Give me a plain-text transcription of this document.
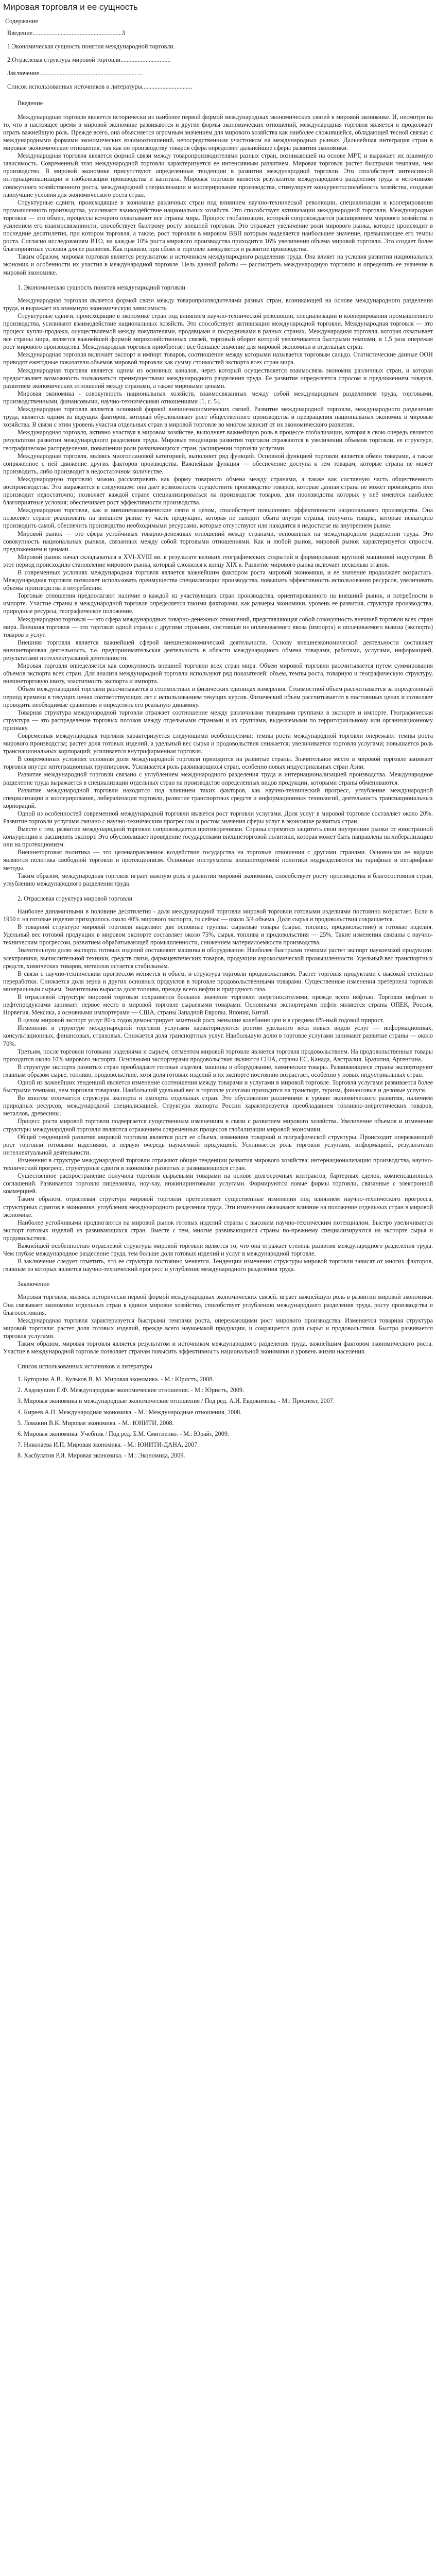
Мировая торговля и ее сущность
Содержание
Введение.........................................................3
1.Экономическая сущность понятия международной торговли.
2.Отраслевая структура мировой торговли................................
Заключение..................................................................
Список использованных источников и литературы................................
Введение

Международная торговля является исторически из наиболее первой формой международных экономических связей в мировой экономике. И, несмотря на то, что в настоящее время в мировой экономике развиваются и другие формы экономических отношений, международная торговля является и продолжает играть важнейшую роль. Прежде всего, она объясняется огромным значением для мирового хозяйства как наиболее сложившейся, обладающей тесной связью с международными формами экономических взаимоотношений, непосредственным участником на международных рынках. Дальнейшая интеграция стран в мировые экономические отношения, так как по производству товаров сфера определяет дальнейшие сферы развития экономики.

Международная торговля является формой связи между товаропроизводителями разных стран, возникающей на основе МРТ, и выражает их взаимную зависимость. Современный этап международной торговли характеризуется ее интенсивным развитием. Мировая торговля растет быстрыми темпами, чем производство. В мировой экономике присутствуют определенные тенденции в развитии международной торговли. Это способствует интенсивной интернационализации и глобализации производства и капитала. Мировая торговля является результатом международного разделения труда и источником совокупного хозяйственного роста, международной специализации и кооперирования производства, стимулирует конкурентоспособность хозяйства, создавая наилучшие условия для экономического роста стран.

Структурные сдвиги, происходящие в экономике различных стран под влиянием научно-технической революции, специализации и кооперирования промышленного производства, усиливают взаимодействие национальных хозяйств. Это способствует активизации международной торговли. Международная торговля — это обмен, процессы которого охватывают все страны мира. Процесс глобализации, который сопровождается расширением мирового хозяйства и усилением его взаимосвязанности, способствует быстрому росту внешней торговли. Это отражает увеличение роли мирового рынка, которое происходит в последние десятилетия, при котором торговля, а также, рост торговли в мировом ВВП которым выделяется наибольшее значение, превышающее его темпы роста. Согласно исследованиям ВТО, на каждые 10% роста мирового производства приходится 16% увеличения объема мировой торговли. Это создает более благоприятные условия для ее развития. Как правило, при сбоях в торговле замедляется и развитие производства.

Таким образом, мировая торговля является результатом и источником международного разделения труда. Она влияет на условия развития национальных экономик и особенности их участия в международной торговле. Цель данной работы — рассмотреть международную торговлю и определить ее значение в мировой экономике.

1. Экономическая сущность понятия международной торговли

Международная торговля является формой связи между товаропроизводителями разных стран, возникающей на основе международного разделения труда, и выражает их взаимную экономическую зависимость.

Структурные сдвиги, происходящие в экономике стран под влиянием научно-технической революции, специализации и кооперирования промышленного производства, усиливают взаимодействие национальных хозяйств. Это способствует активизации международной торговли. Международная торговля — это процесс купли-продажи, осуществляемой между покупателями, продавцами и посредниками в разных странах. Международная торговля, которая охватывает все страны мира, является важнейшей формой мирохозяйственных связей, торговый оборот которой увеличивается быстрыми темпами, в 1,5 раза опережая рост мирового производства. Международная торговля приобретает все большее значение для мировой экономики и отдельных стран.

Международная торговля включает экспорт и импорт товаров, соотношение между которыми называется торговым сальдо. Статистические данные ООН приводят ежегодные показатели объемов мировой торговли как сумму стоимостей экспорта всех стран мира.

Международная торговля является одним из основных каналов, через который осуществляется взаимосвязь экономик различных стран, и которая предоставляет возможность пользоваться преимуществами международного разделения труда. Ее развитие определяется спросом и предложением товаров, развитием экономических отношений между странами, а также мировыми ценами.

Мировая экономика - совокупность национальных хозяйств, взаимосвязанных между собой международным разделением труда, торговыми, производственными, финансовыми, научно-техническими отношениями [1, с. 5].

Международная торговля является основной формой внешнеэкономических связей. Развитие международной торговли, международного разделения труда, является одним из ведущих факторов, который обусловливает рост общественного производства и превращения национальных экономик в мировые хозяйства. В связи с этим уровень участия отдельных стран в мировой торговле во многом зависит от их экономического развития.

Международная торговля, активно участвуя в мировом хозяйстве, выполняет важнейшую роль в процессе глобализации, которая в свою очередь является результатом развития международного разделения труда. Мировые тенденции развития торговли отражаются в увеличении объемов торговли, ее структуре, географическом распределении, повышении роли развивающихся стран, расширении торговли услугами.

Международная торговля, являясь многоплановой категорией, выполняет ряд функций. Основной функцией торговли является обмен товарами, а также сопряженное с ней движение других факторов производства. Важнейшая функция — обеспечение доступа к тем товарам, которые страна не может производить, либо производит в недостаточном количестве.

Международную торговлю можно рассматривать как форму товарного обмена между странами, а также как составную часть общественного воспроизводства. Это выражается в следующем: она дает возможность осуществить производство товаров, которые данная страна не может производить или производит недостаточно; позволяет каждой стране специализироваться на производстве товаров, для производства которых у неё имеются наиболее благоприятные условия; обеспечивает рост эффективности производства.

Международная торговля, как и внешнеэкономические связи в целом, способствует повышению эффективности национального производства. Она позволяет стране реализовать на внешнем рынке ту часть продукции, которая не находит сбыта внутри страны, получить товары, которые невыгодно производить самой, обеспечить производство необходимыми ресурсами, которые отсутствуют или находятся в недостатке на внутреннем рынке.

Мировой рынок — это сфера устойчивых товарно-денежных отношений между странами, основанных на международном разделении труда. Это совокупность национальных рынков, связанных между собой торговыми отношениями. Как и любой рынок, мировой рынок характеризуется спросом, предложением и ценами.

Мировой рынок начал складываться в XVI-XVIII вв. в результате великих географических открытий и формирования крупной машинной индустрии. В этот период происходило становление мирового рынка, который сложился к концу XIX в. Развитие мирового рынка включает несколько этапов.

В современных условиях международная торговля является важнейшим фактором роста мировой экономики, и ее значение продолжает возрастать. Международная торговля позволяет использовать преимущества специализации производства, повышать эффективность использования ресурсов, увеличивать объемы производства и потребления.

Торговые отношения предполагают наличие в каждой из участвующих стран производства, ориентированного на внешний рынок, и потребности в импорте. Участие страны в международной торговле определяется такими факторами, как размеры экономики, уровень ее развития, структура производства, природные ресурсы, географическое положение.

Международная торговля — это сфера международных товарно-денежных отношений, представляющая собой совокупность внешней торговли всех стран мира. Внешняя торговля — это торговля одной страны с другими странами, состоящая из оплачиваемого ввоза (импорта) и оплачиваемого вывоза (экспорта) товаров и услуг.

Внешняя торговля является важнейшей сферой внешнеэкономической деятельности. Основу внешнеэкономической деятельности составляет внешнеторговая деятельность, т.е. предпринимательская деятельность в области международного обмена товарами, работами, услугами, информацией, результатами интеллектуальной деятельности.

Мировая торговля определяется как совокупность внешней торговли всех стран мира. Объем мировой торговли рассчитывается путем суммирования объемов экспорта всех стран. Для анализа международной торговли используют ряд показателей: объем, темпы роста, товарную и географическую структуру, внешнеторговую квоту, эластичность экспорта и импорта.

Объем международной торговли рассчитывается в стоимостных и физических единицах измерения. Стоимостной объем рассчитывается за определенный период времени в текущих ценах соответствующих лет с использованием текущих курсов. Физический объем рассчитывается в постоянных ценах и позволяет проводить необходимые сравнения и определять его реальную динамику.

Товарная структура международной торговли отражает соотношение между различными товарными группами в экспорте и импорте. Географическая структура — это распределение торговых потоков между отдельными странами и их группами, выделяемыми по территориальному или организационному признаку.

Современная международная торговля характеризуется следующими особенностями: темпы роста международной торговли опережают темпы роста мирового производства; растет доля готовых изделий, а удельный вес сырья и продовольствия снижается; увеличивается торговля услугами; повышается роль транснациональных корпораций; усиливается внутрифирменная торговля.

В современных условиях основная доля международной торговли приходится на развитые страны. Значительное место в мировой торговле занимает торговля внутри интеграционных группировок. Усиливается роль развивающихся стран, особенно новых индустриальных стран Азии.

Развитие международной торговли связано с углублением международного разделения труда и интернационализацией производства. Международное разделение труда выражается в специализации отдельных стран на производстве определенных видов продукции, которыми страны обмениваются.

Развитие международной торговли находится под влиянием таких факторов, как научно-технический прогресс, углубление международной специализации и кооперирования, либерализация торговли, развитие транспортных средств и информационных технологий, деятельность транснациональных корпораций.

Одной из особенностей современной международной торговли является рост торговли услугами. Доля услуг в мировой торговле составляет около 20%. Развитие торговли услугами связано с научно-техническим прогрессом и ростом значения сферы услуг в экономике развитых стран.

Вместе с тем, развитие международной торговли сопровождается противоречиями. Страны стремятся защитить свои внутренние рынки от иностранной конкуренции и расширить экспорт. Это обусловливает проведение государствами внешнеторговой политики, которая может быть направлена на либерализацию или на протекционизм.

Внешнеторговая политика — это целенаправленное воздействие государства на торговые отношения с другими странами. Основными ее видами являются политика свободной торговли и протекционизм. Основные инструменты внешнеторговой политики подразделяются на тарифные и нетарифные методы.

Таким образом, международная торговля играет важную роль в развитии мировой экономики, способствует росту производства и благосостояния стран, углублению международного разделения труда.

2. Отраслевая структура мировой торговли

Наиболее динамичными в половине десятилетия - доля международной торговли мировой торговли готовыми изделиями постоянно возрастает. Если в 1950 г. на готовые изделия приходилось около 40% мирового экспорта, то сейчас — около 3/4 объема. Доля сырья и продовольствия сокращается.

В товарной структуре мировой торговли выделяют две основные группы: сырьевые товары (сырье, топливо, продовольствие) и готовые изделия. Удельный вес готовой продукции в мировом экспорте составляет около 75%, сырья, топлива и продовольствия — 25%. Такие изменения связаны с научно-техническим прогрессом, развитием обрабатывающей промышленности, снижением материалоемкости производства.

Значительную долю экспорта готовых изделий составляют машины и оборудование. Наиболее быстрыми темпами растет экспорт наукоемкой продукции: электроники, вычислительной техники, средств связи, фармацевтических товаров, продукции аэрокосмической промышленности. Удельный вес транспортных средств, химических товаров, металлов остается стабильным.

В связи с научно-техническим прогрессом меняется и объем, и структура торговли продовольствием. Растет торговля продуктами с высокой степенью переработки. Снижается доля зерна и других основных продуктов в торговле продовольственными товарами. Существенные изменения претерпела торговля минеральным сырьем. Значительно выросла доля топлива, прежде всего нефти и природного газа.

В отраслевой структуре мировой торговли сохраняется большое значение торговли энергоносителями, прежде всего нефтью. Торговля нефтью и нефтепродуктами занимает первое место в мировой торговле сырьевыми товарами. Основными экспортерами нефти являются страны ОПЕК, Россия, Норвегия, Мексика, а основными импортерами — США, страны Западной Европы, Япония, Китай.

В целом мировой экспорт услуг 80-х годов демонстрирует заметный рост, меньшие колебания цен и в среднем 6%-ный годовой прирост.

Изменения в структуре международной торговли услугами характеризуются ростом удельного веса новых видов услуг — информационных, консультационных, финансовых, страховых. Снижается доля транспортных услуг. Наибольшую долю в торговле услугами занимают развитые страны — около 70%.

Третьим, после торговли готовыми изделиями и сырьем, сегментом мировой торговли является торговля продовольствием. На продовольственные товары приходится около 10% мирового экспорта. Основными экспортерами продовольствия являются США, страны ЕС, Канада, Австралия, Бразилия, Аргентина.

В структуре экспорта развитых стран преобладают готовые изделия, машины и оборудование, химические товары. Развивающиеся страны экспортируют главным образом сырье, топливо, продовольствие, хотя доля готовых изделий в их экспорте постоянно возрастает, особенно у новых индустриальных стран.

Одной из важнейших тенденций является изменение соотношения между товарами и услугами в мировой торговле. Торговля услугами развивается более быстрыми темпами, чем торговля товарами. Наибольший удельный вес в торговле услугами приходится на транспорт, туризм, финансовые и деловые услуги.

Во многом отличается структура экспорта и импорта отдельных стран. Это обусловлено различиями в уровне экономического развития, наличием природных ресурсов, международной специализацией. Структура экспорта России характеризуется преобладанием топливно-энергетических товаров, металлов, древесины.

Процесс роста мировой торговли подвергается существенным изменениям в связи с развитием мирового хозяйства. Увеличение объемов и изменение структуры международной торговли являются отражением современных процессов глобализации мировой экономики.

Общей тенденцией развития мировой торговли является рост ее объема, изменения товарной и географической структуры. Происходит опережающий рост торговли готовыми изделиями, в первую очередь наукоемкой продукцией. Усиливается роль торговли услугами, информацией, результатами интеллектуальной деятельности.

Изменения в структуре международной торговли отражают общие тенденции развития мирового хозяйства: интернационализацию производства, научно-технический прогресс, структурные сдвиги в экономике развитых и развивающихся стран.

Существенное распространение получила торговля сырьевыми товарами на основе долгосрочных контрактов, бартерных сделок, компенсационных соглашений. Развивается торговля лицензиями, ноу-хау, инжиниринговыми услугами. Формируются новые формы торговли, связанные с электронной коммерцией.

Таким образом, отраслевая структура мировой торговли претерпевает существенные изменения под влиянием научно-технического прогресса, структурных сдвигов в экономике, углубления международного разделения труда. Эти изменения оказывают влияние на положение отдельных стран в мировой экономике.

Наиболее устойчивыми продвигаются на мировой рынок готовых изделий страны с высоким научно-техническим потенциалом. Быстро увеличивается экспорт готовых изделий из развивающихся стран. Вместе с тем, многие развивающиеся страны по-прежнему специализируются на экспорте сырья и продовольствия.

Важнейшей особенностью отраслевой структуры мировой торговли является то, что она отражает степень развития международного разделения труда. Чем глубже международное разделение труда, тем больше доля готовых изделий и услуг в международной торговле.

В заключение следует отметить, что ее структура постоянно меняется. Тенденции изменения структуры мировой торговли зависят от многих факторов, главным из которых является научно-технический прогресс и углубление международного разделения труда.

Заключение

Мировая торговля, являясь исторически первой формой международных экономических связей, играет важнейшую роль в развитии мировой экономики. Она связывает экономики отдельных стран в единое мировое хозяйство, способствует углублению международного разделения труда, росту производства и благосостояния.

Международная торговля характеризуется быстрыми темпами роста, опережающими рост мирового производства. Изменяется товарная структура мировой торговли: растет доля готовых изделий, прежде всего наукоемкой продукции, и сокращается доля сырья и продовольствия. Быстро развивается торговля услугами.

Таким образом, мировая торговля является результатом и источником международного разделения труда, важнейшим фактором экономического роста. Участие в международной торговле позволяет странам повысить эффективность национальной экономики и уровень жизни населения.

Список использованных источников и литературы
1. Буторина А.В., Кульков В. М. Мировая экономика. - М.: Юристъ, 2008.
2. Авдокушин Е.Ф. Международные экономические отношения. - М.: Юристъ, 2009.
3. Мировая экономика и международные экономические отношения / Под ред. А.И. Евдокимова. - М.: Проспект, 2007.
4. Киреев А.П. Международная экономика. - М.: Международные отношения, 2008.
5. Ломакин В.К. Мировая экономика. - М.: ЮНИТИ, 2008.
6. Мировая экономика: Учебник / Под ред. Б.М. Смитиенко. - М.: Юрайт, 2009.
7. Николаева И.П. Мировая экономика. - М.: ЮНИТИ-ДАНА, 2007.
8. Хасбулатов Р.И. Мировая экономика. - М.: Экономика, 2009.
